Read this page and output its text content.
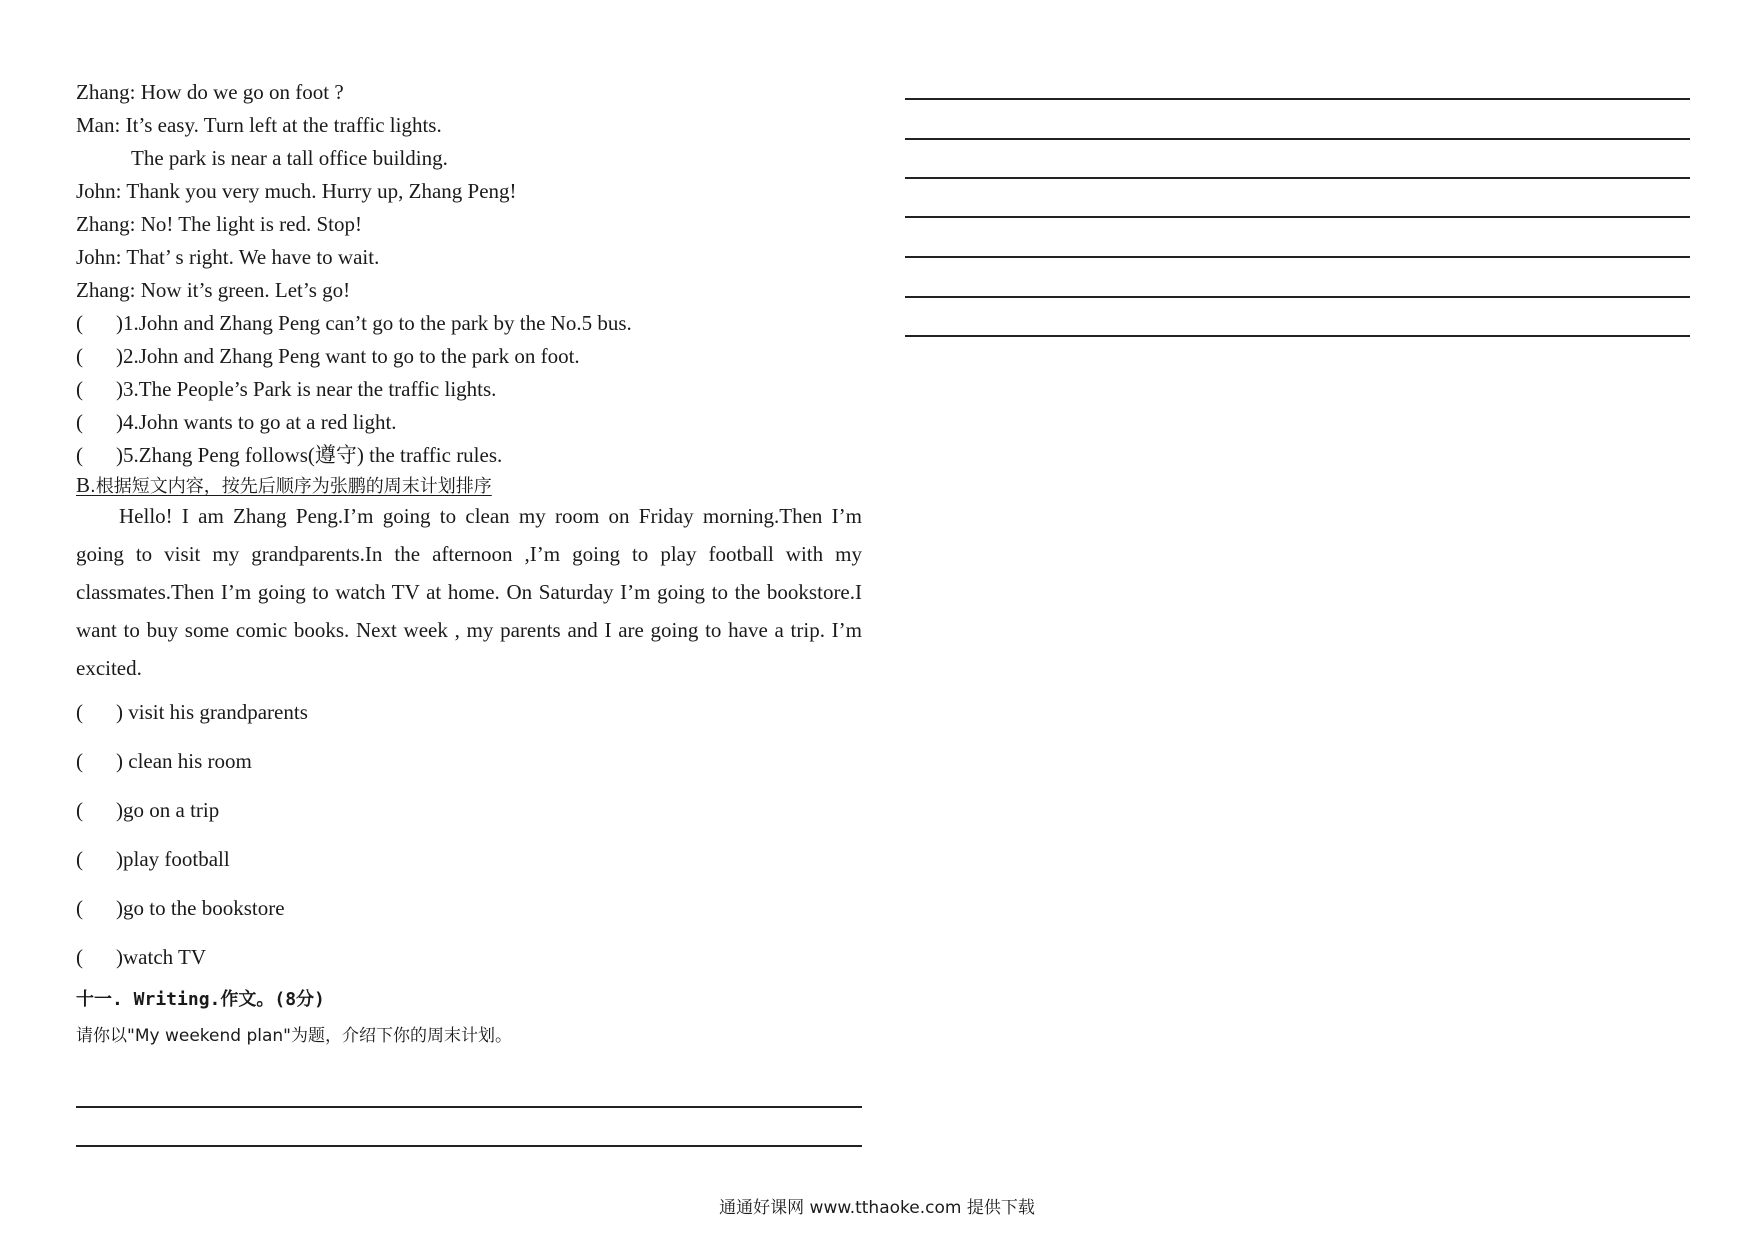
Zhang: How do we go on foot ?
Man: It’s easy. Turn left at the traffic lights.
The park is near a tall office building.
John: Thank you very much. Hurry up, Zhang Peng!
Zhang: No! The light is red. Stop!
John: That’ s right. We have to wait.
Zhang: Now it’s green. Let’s go!
(	)1.John and Zhang Peng can’t go to the park by the No.5 bus.
(	)2.John and Zhang Peng want to go to the park on foot.
(	)3.The People’s Park is near the traffic lights.
(	)4.John wants to go at a red light.
(	)5.Zhang Peng follows(遵守) the traffic rules.
B.根据短文内容，按先后顺序为张鹏的周末计划排序
Hello! I am Zhang Peng.I’m going to clean my room on Friday morning.Then I’m going to visit my grandparents.In the afternoon ,I’m going to play football with my classmates.Then I’m going to watch TV at home. On Saturday I’m going to the bookstore.I want to buy some comic books. Next week , my parents and I are going to have a trip. I’m excited.
(	) visit his grandparents
(	) clean his room
(	)go on a trip
(	)play football
(	)go to the bookstore
(	)watch TV
十一. Writing.作文。(8分)
请你以"My weekend plan"为题，介绍下你的周末计划。
通通好课网 www.tthaoke.com 提供下载
